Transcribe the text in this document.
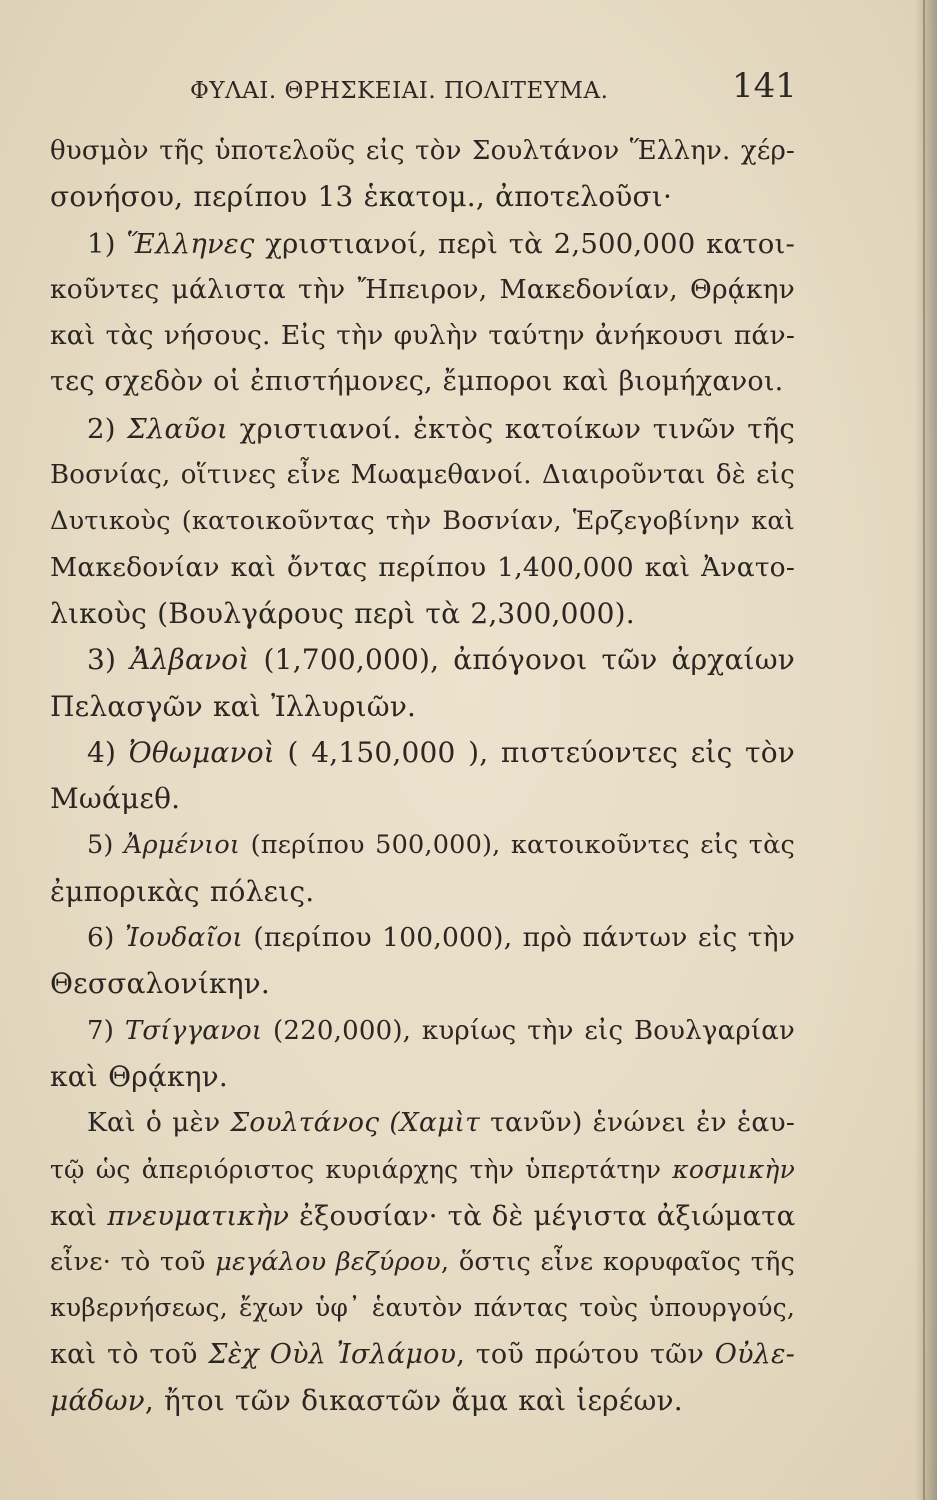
ΦΥΛΑΙ. ΘΡΗΣΚΕΙΑΙ. ΠΟΛΙΤΕΥΜΑ.	141
θυσμὸν τῆς ὑποτελοῦς εἰς τὸν Σουλτάνον Ἕλλην. χέρ-
σονήσου, περίπου 13 ἑκατομ., ἀποτελοῦσι·
1) Ἕλληνες χριστιανοί, περὶ τὰ 2,500,000 κατοι-
κοῦντες μάλιστα τὴν Ἤπειρον, Μακεδονίαν, Θρᾴκην
καὶ τὰς νήσους. Εἰς τὴν φυλὴν ταύτην ἀνήκουσι πάν-
τες σχεδὸν οἱ ἐπιστήμονες, ἔμποροι καὶ βιομήχανοι.
2) Σλαῦοι χριστιανοί. ἐκτὸς κατοίκων τινῶν τῆς
Βοσνίας, οἵτινες εἶνε Μωαμεθανοί. Διαιροῦνται δὲ εἰς
Δυτικοὺς (κατοικοῦντας τὴν Βοσνίαν, Ἑρζεγοβίνην καὶ
Μακεδονίαν καὶ ὄντας περίπου 1,400,000 καὶ Ἀνατο-
λικοὺς (Βουλγάρους περὶ τὰ 2,300,000).
3) Ἀλβανοὶ (1,700,000), ἀπόγονοι τῶν ἀρχαίων
Πελασγῶν καὶ Ἰλλυριῶν.
4) Ὀθωμανοὶ ( 4,150,000 ), πιστεύοντες εἰς τὸν
Μωάμεθ.
5) Ἀρμένιοι (περίπου 500,000), κατοικοῦντες εἰς τὰς
ἐμπορικὰς πόλεις.
6) Ἰουδαῖοι (περίπου 100,000), πρὸ πάντων εἰς τὴν
Θεσσαλονίκην.
7) Τσίγγανοι (220,000), κυρίως τὴν εἰς Βουλγαρίαν
καὶ Θρᾴκην.
Καὶ ὁ μὲν Σουλτάνος (Χαμὶτ τανῦν) ἑνώνει ἐν ἑαυ-
τῷ ὡς ἀπεριόριστος κυριάρχης τὴν ὑπερτάτην κοσμικὴν
καὶ πνευματικὴν ἐξουσίαν· τὰ δὲ μέγιστα ἀξιώματα
εἶνε· τὸ τοῦ μεγάλου βεζύρου, ὅστις εἶνε κορυφαῖος τῆς
κυβερνήσεως, ἔχων ὑφ᾽ ἑαυτὸν πάντας τοὺς ὑπουργούς,
καὶ τὸ τοῦ Σὲχ Οὺλ Ἰσλάμου, τοῦ πρώτου τῶν Οὐλε-
μάδων, ἤτοι τῶν δικαστῶν ἅμα καὶ ἱερέων.
